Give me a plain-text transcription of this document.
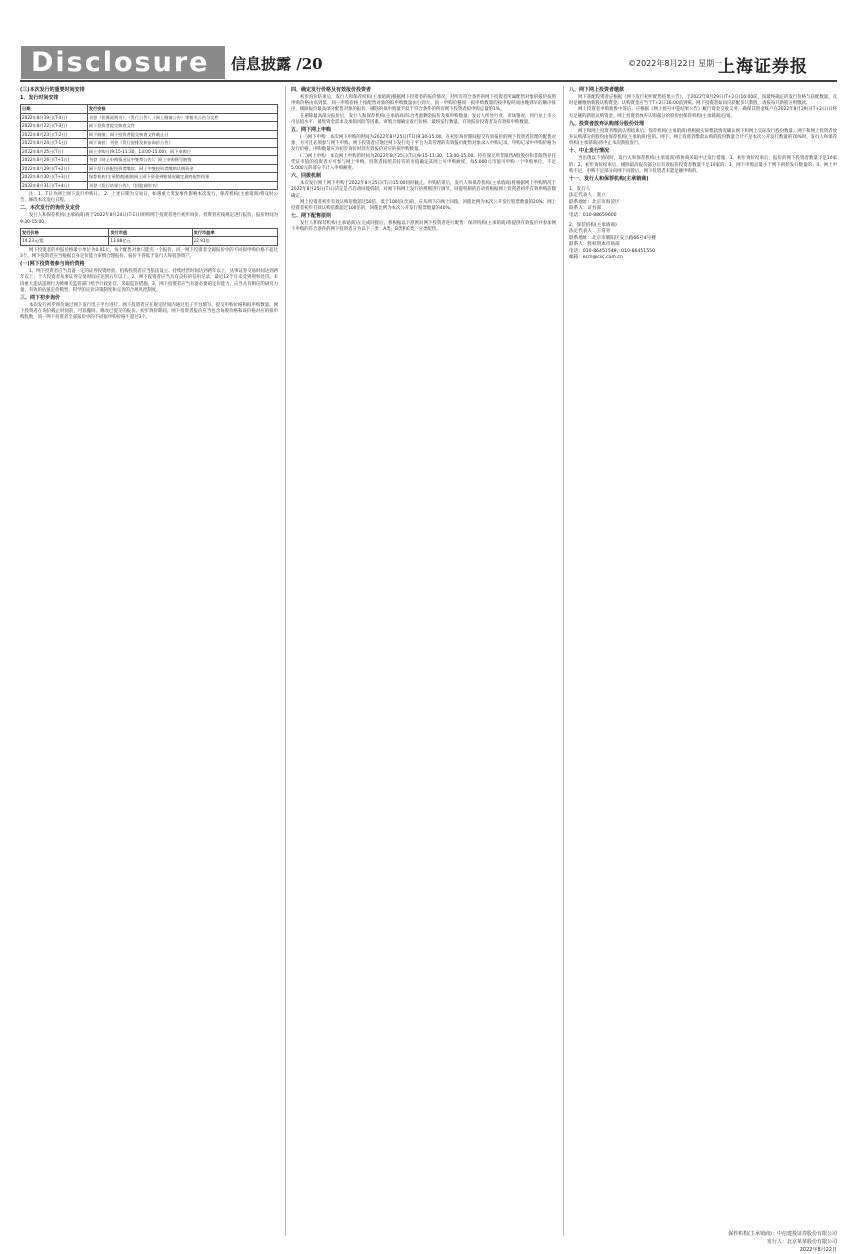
Disclosure	信息披露 /20	©2022年8月22日 星期一
上海证券报
(三)本次发行的重要时间安排
1、发行时间安排
日期	发行安排
2022年8月19日(T-4日)	刊登《招募说明书》、《发行公告》、《网上路演公告》等相关公告与文件
2022年8月22日(T-3日)	网下投资者提交核查文件
2022年8月23日(T-2日)	网下路演；网下投资者提交核查文件截止日
2022年8月24日(T-1日)	网下询价；刊登《发行安排及初步询价公告》
2022年8月25日(T日)	网上申购日(9:15-11:30，13:00-15:00)；网下申购日
2022年8月26日(T+1日)	刊登《网上申购情况及中签率公告》；网上申购摇号抽签
2022年8月29日(T+2日)	网下发行获配投资者缴款；网上中签投资者缴纳认购资金
2022年8月30日(T+3日)	保荐机构(主承销商)根据网上网下资金到账情况确定最终配售结果
2022年8月31日(T+4日)	刊登《发行结果公告》、《招股说明书》

注：1、T日为网上网下发行申购日。 2、上述日期为交易日，如遇重大突发事件影响本次发行，保荐机构(主承销商)将及时公告，修改本次发行日程。

二、本次发行的询价及定价

发行人和保荐机构(主承销商)将于2022年8月24日(T-1日)组织网下投资者进行初步询价。投资者应按规定进行报价，报价时间为9:30-15:00。

发行价格	发行市值	发行市盈率
14.23元/股	13.88亿元	22.91倍

网下投资者的申报价格最小单位为0.01元，每个配售对象只能有一个报价，同一网下投资者全部报价中的不同拟申购价格不超过3个。网下投资者应当根据自身定价能力审慎合理报价，报价不得低于发行人每股净资产。

(一)网下投资者参与询价资格

1、网下投资者应当具备一定的证券投资经验。机构投资者应当依法设立、持续经营时间达到两年以上，从事证券交易时间达到两年以上；个人投资者从事证券交易时间应达到五年以上。2、网下投资者应当具有良好的信用记录，最近12个月未受到刑事处罚、未因重大违法违规行为被相关监管部门给予行政处罚、采取监管措施。3、网下投资者应当具备必要的定价能力，应当具有相应的研究力量、有效的估值定价模型、科学的定价决策制度和完善的合规风控制度。

三、网下初步询价

本次发行初步询价通过网下发行电子平台进行。网下投资者应在规定时间内通过电子平台填写、提交申购价格和拟申购数量。网下投资者在询价截止时间前，可以撤回、修改已提交的报价。初步询价期间，网下投资者报价应当包含每股价格和该价格对应的拟申购股数，同一网下投资者全部报价中的不同拟申购价格不超过3个。

四、确定发行价格及有效报价投资者

初步询价结束后，发行人和保荐机构(主承销商)根据网下投资者的报价情况，对所有符合条件的网下投资者所属配售对象的报价按照申购价格由高到低、同一申购价格上按配售对象的拟申购数量由小到大、同一申购价格同一拟申购数量的按申报时间由晚到早的顺序排序，剔除报价最高部分配售对象的报价，剔除的拟申购量不低于符合条件的所有网下投资者拟申购总量的1%。

在剔除最高部分报价后，发行人和保荐机构(主承销商)综合考虑剩余报价及拟申购数量、发行人所处行业、市场情况、同行业上市公司估值水平、募集资金需求及承销风险等因素，审慎合理确定发行价格、最终发行数量、有效报价投资者及有效拟申购数量。

五、网下网上申购

(一)网下申购：本次网下申购的时间为2022年8月25日(T日)9:30-15:00。在初步询价期间提交有效报价的网下投资者管理的配售对象，方可且必须参与网下申购。网下投资者应通过网下发行电子平台为其管理的有效报价配售对象录入申购记录，申购记录中申购价格为发行价格，申购数量应为初步询价时其有效报价对应的拟申购数量。

(二)网上申购：本次网上申购的时间为2022年8月25日(T日)9:15-11:30、13:00-15:00。持有深交所非限售A股股份和非限售存托凭证市值的投资者方可参与网上申购。投资者按照其持有的市值确定其网上可申购额度，每5,000元市值可申购一个申购单位，不足5,000元的部分不计入申购额度。

六、回拨机制

本次发行网上网下申购于2022年8月25日(T日)15:00同时截止。申购结束后，发行人和保荐机构(主承销商)将根据网上申购情况于2022年8月25日(T日)决定是否启动回拨机制，对网下和网上发行的规模进行调节。回拨机制的启动将根据网上投资者初步有效申购倍数确定。

网上投资者初步有效认购倍数超过50倍、低于100倍(含)的，应从网下向网上回拨，回拨比例为本次公开发行股票数量的20%；网上投资者初步有效认购倍数超过100倍的，回拨比例为本次公开发行股票数量的40%。

七、网下配售原则

发行人和保荐机构(主承销商)在完成回拨后，将根据以下原则对网下投资者进行配售：保荐机构(主承销商)将提供有效报价并参加网下申购的符合条件的网下投资者分为以下三类：A类、B类和C类，分类配售。

八、网下网上投资者缴款

网下获配投资者应根据《网下发行初步配售结果公告》，于2022年8月29日(T+2日)16:00前，按最终确定的发行价格与获配数量，及时足额缴纳新股认购资金。认购资金应当于T+2日16:00前到账。网下投资者如同日获配多只新股，请按每只新股分别缴款。

网上投资者申购新股中签后，应根据《网上摇号中签结果公告》履行资金交收义务，确保其资金账户在2022年8月29日(T+2日)日终有足额的新股认购资金。网上投资者放弃认购部分的股份由保荐机构(主承销商)包销。

九、投资者放弃认购部分股份处理

网下和网上投资者缴款认购结束后，保荐机构(主承销商)将根据实际缴款情况确认网下和网上实际发行股份数量。网下和网上投资者放弃认购部分的股份由保荐机构(主承销商)包销。网下、网上投资者缴款认购的股份数量合计不足本次公开发行数量的70%时，发行人和保荐机构(主承销商)将中止本次新股发行。

十、中止发行情况

当出现以下情况时，发行人和保荐机构(主承销商)将协商采取中止发行措施：1、初步询价结束后，报价的网下投资者数量不足10家的；2、初步询价结束后，剔除最高报价部分后有效报价投资者数量不足10家的；3、网下申购总量小于网下初始发行数量的；4、网上申购不足，申购不足部分向网下回拨后，网下投资者未能足额申购的。

十一、发行人和保荐机构(主承销商)
1、发行人
法定代表人：张立
联系地址：北京市海淀区
联系人：证券部
电话：010-88659600
2、保荐机构(主承销商)
法定代表人：王常青
联系地址：北京市朝阳区安立路66号4号楼
联系人：股权资本市场部
电话：010-86451549、010-86451550
邮箱：ecm@csc.com.cn
发行人：北京某某股份有限公司
保荐机构(主承销商)：中信建投证券股份有限公司
2022年8月22日
